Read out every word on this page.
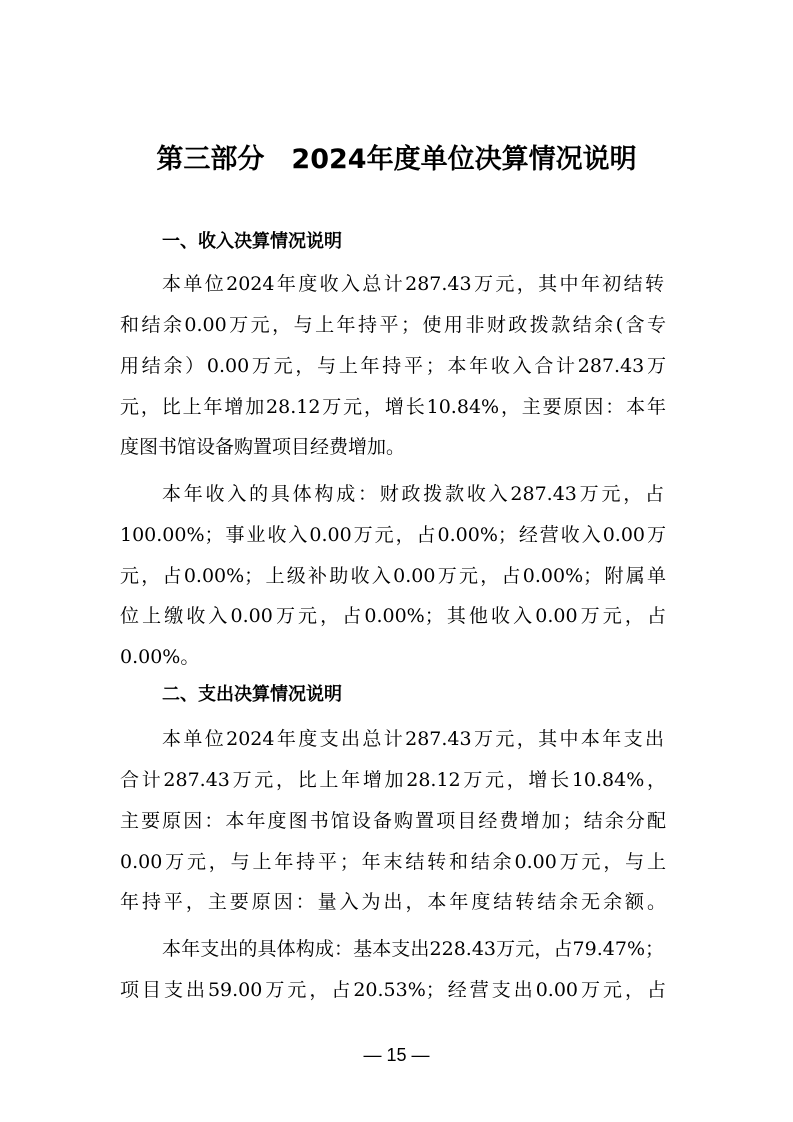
第三部分　2024年度单位决算情况说明
一、收入决算情况说明
本单位2024年度收入总计287.43万元，其中年初结转
和结余0.00万元，与上年持平；使用非财政拨款结余(含专
用结余）0.00万元，与上年持平；本年收入合计287.43万
元，比上年增加28.12万元，增长10.84%，主要原因：本年
度图书馆设备购置项目经费增加。
本年收入的具体构成：财政拨款收入287.43万元，占
100.00%；事业收入0.00万元，占0.00%；经营收入0.00万
元，占0.00%；上级补助收入0.00万元，占0.00%；附属单
位上缴收入0.00万元，占0.00%；其他收入0.00万元，占
0.00%。
二、支出决算情况说明
本单位2024年度支出总计287.43万元，其中本年支出
合计287.43万元，比上年增加28.12万元，增长10.84%，
主要原因：本年度图书馆设备购置项目经费增加；结余分配
0.00万元，与上年持平；年末结转和结余0.00万元，与上
年持平，主要原因：量入为出，本年度结转结余无余额。
本年支出的具体构成：基本支出228.43万元，占79.47%；
项目支出59.00万元，占20.53%；经营支出0.00万元，占
— 15 —
